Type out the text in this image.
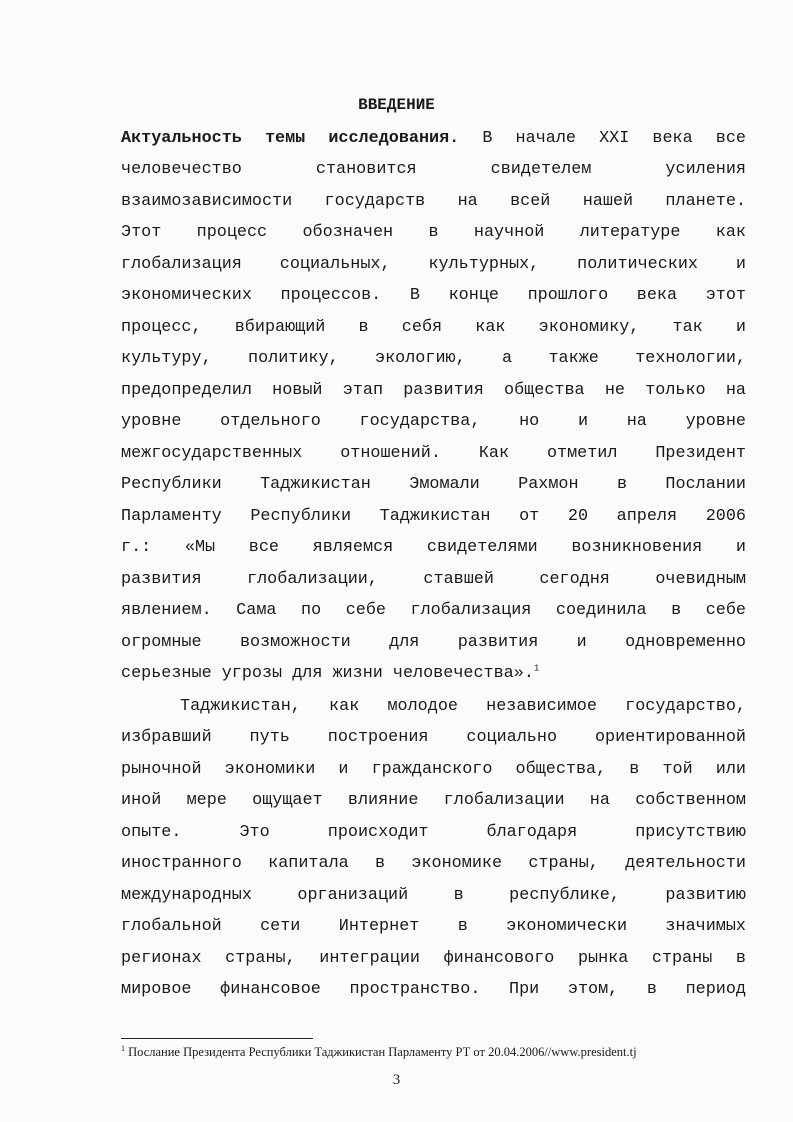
ВВЕДЕНИЕ
Актуальность темы исследования. В начале XXI века все
человечество становится свидетелем усиления
взаимозависимости государств на всей нашей планете.
Этот процесс обозначен в научной литературе как
глобализация социальных, культурных, политических и
экономических процессов. В конце прошлого века этот
процесс, вбирающий в себя как экономику, так и
культуру, политику, экологию, а также технологии,
предопределил новый этап развития общества не только на
уровне отдельного государства, но и на уровне
межгосударственных отношений. Как отметил Президент
Республики Таджикистан Эмомали Рахмон в Послании
Парламенту Республики Таджикистан от 20 апреля 2006
г.: «Мы все являемся свидетелями возникновения и
развития глобализации, ставшей сегодня очевидным
явлением. Сама по себе глобализация соединила в себе
огромные возможности для развития и одновременно
серьезные угрозы для жизни человечества».$^1$
Таджикистан, как молодое независимое государство,
избравший путь построения социально ориентированной
рыночной экономики и гражданского общества, в той или
иной мере ощущает влияние глобализации на собственном
опыте. Это происходит благодаря присутствию
иностранного капитала в экономике страны, деятельности
международных организаций в республике, развитию
глобальной сети Интернет в экономически значимых
регионах страны, интеграции финансового рынка страны в
мировое финансовое пространство. При этом, в период
$^1$ Послание Президента Республики Таджикистан Парламенту РТ от 20.04.2006//www.president.tj
3
